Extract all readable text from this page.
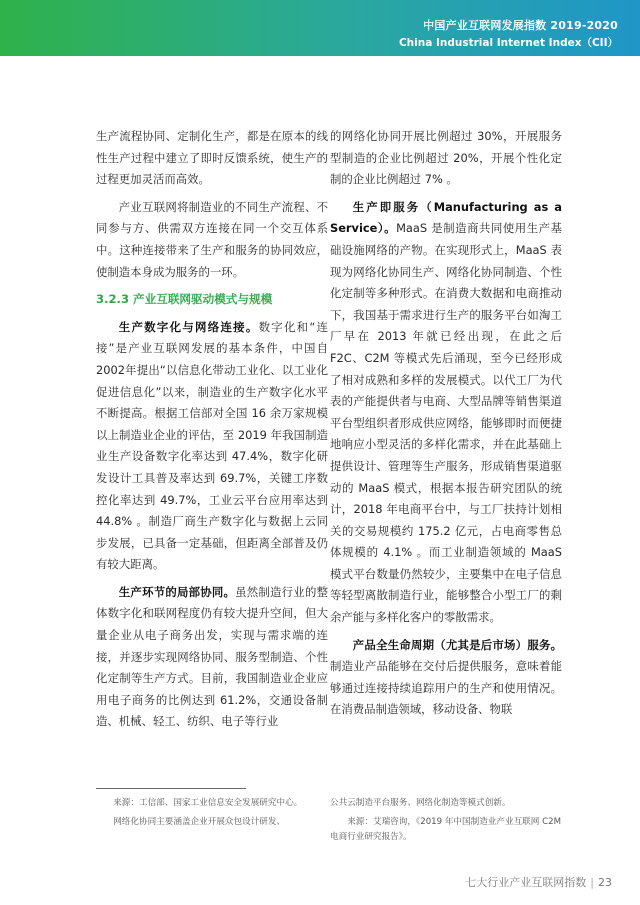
中国产业互联网发展指数 2019-2020
China Industrial Internet Index（CII）

生产流程协同、定制化生产，都是在原本的线性生产过程中建立了即时反馈系统，使生产的过程更加灵活而高效。

产业互联网将制造业的不同生产流程、不同参与方、供需双方连接在同一个交互体系中。这种连接带来了生产和服务的协同效应，使制造本身成为服务的一环。

3.2.3 产业互联网驱动模式与规模

生产数字化与网络连接。数字化和“连接”是产业互联网发展的基本条件，中国自2002年提出“以信息化带动工业化、以工业化促进信息化”以来，制造业的生产数字化水平不断提高。根据工信部对全国 16 余万家规模以上制造业企业的评估，至 2019 年我国制造业生产设备数字化率达到 47.4%，数字化研发设计工具普及率达到 69.7%，关键工序数控化率达到 49.7%，工业云平台应用率达到 44.8% 。制造厂商生产数字化与数据上云同步发展，已具备一定基础，但距离全部普及仍有较大距离。

生产环节的局部协同。虽然制造行业的整体数字化和联网程度仍有较大提升空间，但大量企业从电子商务出发，实现与需求端的连接，并逐步实现网络协同、服务型制造、个性化定制等生产方式。目前，我国制造业企业应用电子商务的比例达到 61.2%，交通设备制造、机械、轻工、纺织、电子等行业

的网络化协同开展比例超过 30%，开展服务型制造的企业比例超过 20%，开展个性化定制的企业比例超过 7% 。

生产即服务（Manufacturing as a Service）。MaaS 是制造商共同使用生产基础设施网络的产物。在实现形式上，MaaS 表现为网络化协同生产、网络化协同制造、个性化定制等多种形式。在消费大数据和电商推动下，我国基于需求进行生产的服务平台如淘工厂早在 2013 年就已经出现，在此之后 F2C、C2M 等模式先后涌现，至今已经形成了相对成熟和多样的发展模式。以代工厂为代表的产能提供者与电商、大型品牌等销售渠道平台型组织者形成供应网络，能够即时而便捷地响应小型灵活的多样化需求，并在此基础上提供设计、管理等生产服务，形成销售渠道驱动的 MaaS 模式，根据本报告研究团队的统计，2018 年电商平台中，与工厂扶持计划相关的交易规模约 175.2 亿元，占电商零售总体规模的 4.1% 。而工业制造领域的 MaaS 模式平台数量仍然较少，主要集中在电子信息等轻型离散制造行业，能够整合小型工厂的剩余产能与多样化客户的零散需求。

产品全生命周期（尤其是后市场）服务。制造业产品能够在交付后提供服务，意味着能够通过连接持续追踪用户的生产和使用情况。在消费品制造领域，移动设备、物联

来源：工信部、国家工业信息安全发展研究中心。

网络化协同主要涵盖企业开展众包设计研发、

公共云制造平台服务、网络化制造等模式创新。

来源：艾瑞咨询，《2019 年中国制造业产业互联网 C2M 电商行业研究报告》。

七大行业产业互联网指数 | 23
